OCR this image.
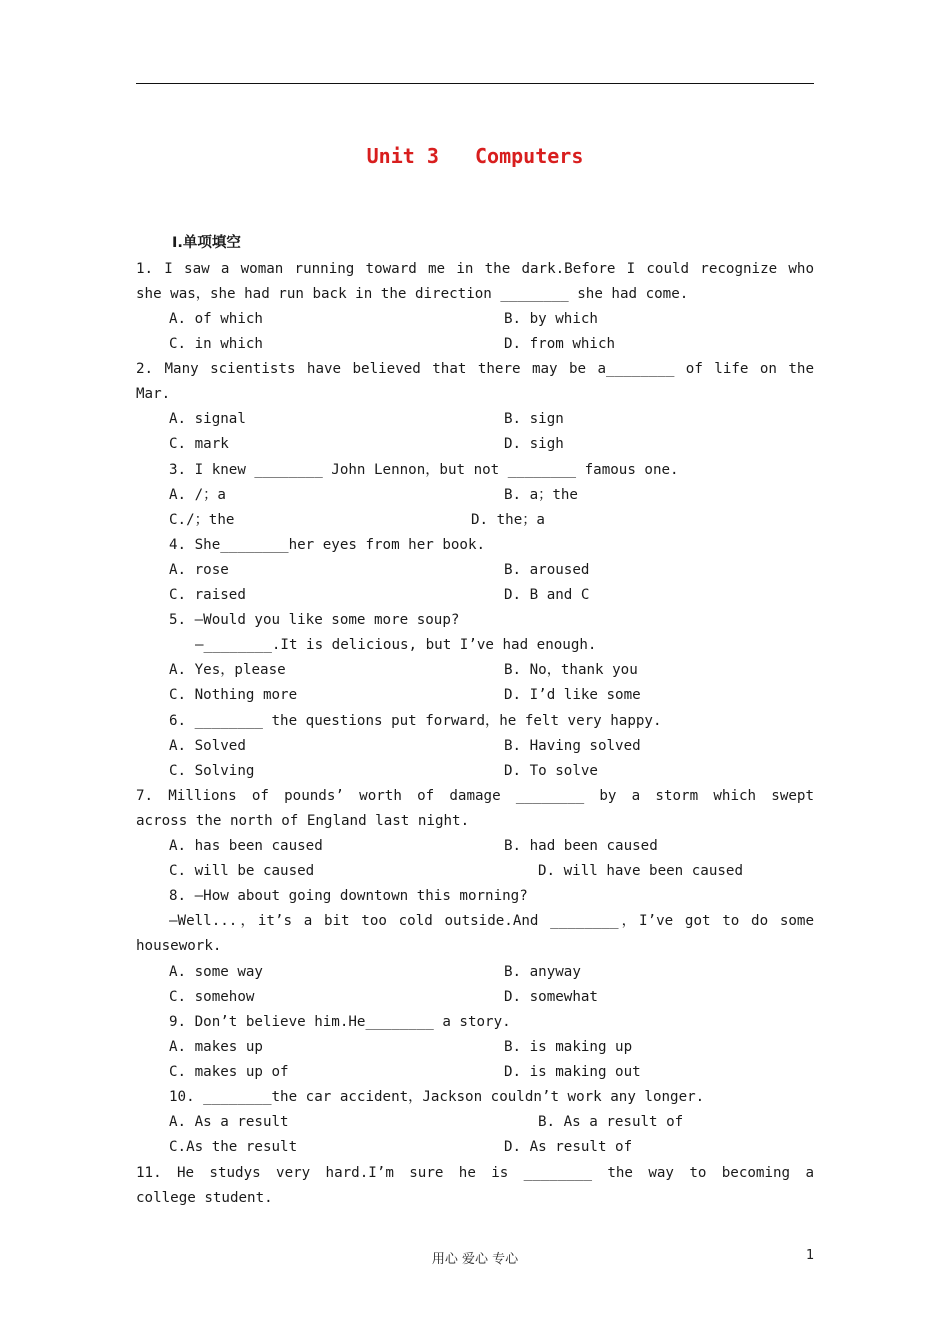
Unit 3   Computers
Ⅰ.单项填空
1. I saw a woman running toward me in the dark.Before I could recognize who
she was，she had run back in the direction ________ she had come.
A. of which	B. by which
C. in which	D. from which
2. Many scientists have believed that there may be a________ of life on the
Mar.
A. signal	B. sign
C. mark	D. sigh
3. I knew ________ John Lennon，but not ________ famous one.
A. /；a	B. a；the
C./；the	D. the；a
4. She________her eyes from her book.
A. rose	B. aroused
C. raised	D. B and C
5. —Would you like some more soup?
—________.It is delicious, but I’ve had enough.
A. Yes，please	B. No，thank you
C. Nothing more	D. I’d like some
6. ________ the questions put forward，he felt very happy.
A. Solved	B. Having solved
C. Solving	D. To solve
7. Millions of pounds’ worth of damage ________ by a storm which swept
across the north of England last night.
A. has been caused	B. had been caused
C. will be caused	D. will have been caused
8. —How about going downtown this morning?
—Well...，it’s a bit too cold outside.And ________，I’ve got to do some
housework.
A. some way	B. anyway
C. somehow	D. somewhat
9. Don’t believe him.He________ a story.
A. makes up	B. is making up
C. makes up of	D. is making out
10. ________the car accident，Jackson couldn’t work any longer.
A. As a result	B. As a result of
C.As the result	D. As result of
11. He studys very hard.I’m sure he is ________ the way to becoming a
college student.
用心 爱心 专心	1
